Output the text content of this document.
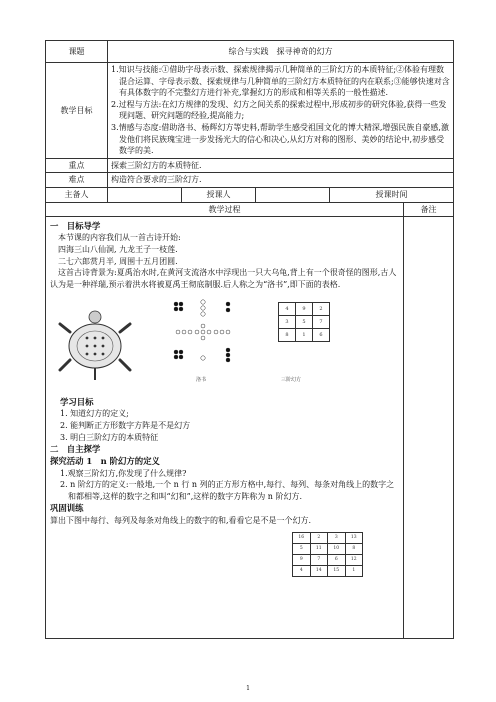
课题	综合与实践　探寻神奇的幻方
教学目标	

1.知识与技能:①借助字母表示数、探索规律揭示几种简单的三阶幻方的本质特征;②体验有理数混合运算、字母表示数、探索规律与几种简单的三阶幻方本质特征的内在联系;③能够快速对含有具体数字的不完整幻方进行补充,掌握幻方的形成和相等关系的一般性描述.

2.过程与方法:在幻方规律的发现、幻方之间关系的探索过程中,形成初步的研究体验,获得一些发现问题、研究问题的经验,提高能力;

3.情感与态度:借助洛书、杨辉幻方等史料,帮助学生感受祖国文化的博大精深,增强民族自豪感,激发他们将民族瑰宝进一步发扬光大的信心和决心,从幻方对称的图形、美妙的结论中,初步感受数学的美.

重点	探索三阶幻方的本质特征.
难点	构造符合要求的三阶幻方.
主备人		授课人		授课时间
教学过程	备注

一　目标导学

本节课的内容我们从一首古诗开始:

四海三山八仙洞, 九龙王子一枝莲.

二七六郎赏月半, 周围十五月团圆.

这首古诗背景为:夏禹治水时,在黄河支流洛水中浮现出一只大乌龟,背上有一个很奇怪的图形,古人认为是一种祥瑞,预示着洪水将被夏禹王彻底制服.后人称之为“洛书”,即下面的表格.

洛书
4	9	2
3	5	7
8	1	6
三阶幻方

学习目标

1. 知道幻方的定义;

2. 能判断正方形数字方阵是不是幻方

3. 明白三阶幻方的本质特征

二　自主探学

探究活动 1　n 阶幻方的定义

1.观察三阶幻方,你发现了什么规律?

2. n 阶幻方的定义:一般地,一个 n 行 n 列的正方形方格中,每行、每列、每条对角线上的数字之和都相等,这样的数字之和叫“幻和”,这样的数字方阵称为 n 阶幻方.

巩固训练

算出下图中每行、每列及每条对角线上的数字的和,看看它是不是一个幻方.

16	2	3	13
5	11	10	8
9	7	6	12
4	14	15	1

1
